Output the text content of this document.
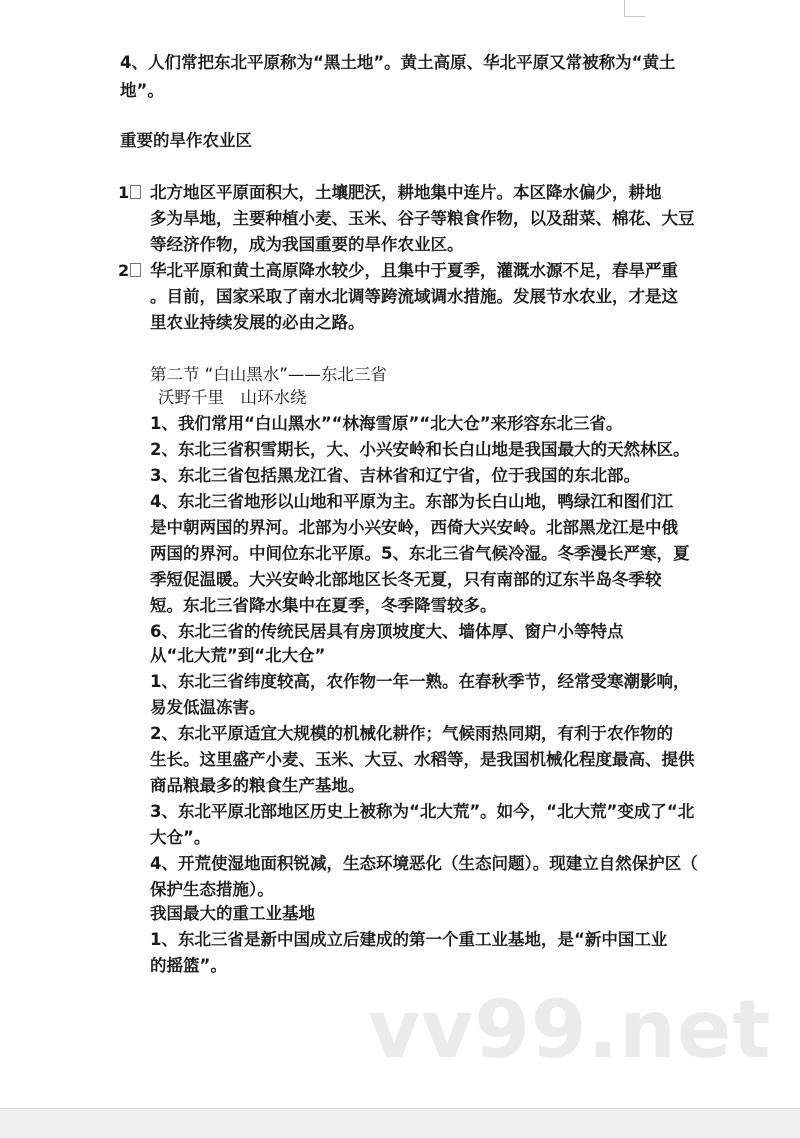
4、人们常把东北平原称为“黑土地”。黄土高原、华北平原又常被称为“黄土
地”。
重要的旱作农业区
1	北方地区平原面积大，土壤肥沃，耕地集中连片。本区降水偏少，耕地
多为旱地，主要种植小麦、玉米、谷子等粮食作物，以及甜菜、棉花、大豆
等经济作物，成为我国重要的旱作农业区。
2	华北平原和黄土高原降水较少，且集中于夏季，灌溉水源不足，春旱严重
。目前，国家采取了南水北调等跨流域调水措施。发展节水农业，才是这
里农业持续发展的必由之路。
第二节 “白山黑水”——东北三省
沃野千里　山环水绕
1、我们常用“白山黑水”“林海雪原”“北大仓”来形容东北三省。
2、东北三省积雪期长，大、小兴安岭和长白山地是我国最大的天然林区。
3、东北三省包括黑龙江省、吉林省和辽宁省，位于我国的东北部。
4、东北三省地形以山地和平原为主。东部为长白山地，鸭绿江和图们江
是中朝两国的界河。北部为小兴安岭，西倚大兴安岭。北部黑龙江是中俄
两国的界河。中间位东北平原。5、东北三省气候冷湿。冬季漫长严寒，夏
季短促温暖。大兴安岭北部地区长冬无夏，只有南部的辽东半岛冬季较
短。东北三省降水集中在夏季，冬季降雪较多。
6、东北三省的传统民居具有房顶坡度大、墙体厚、窗户小等特点
从“北大荒”到“北大仓”
1、东北三省纬度较高，农作物一年一熟。在春秋季节，经常受寒潮影响，
易发低温冻害。
2、东北平原适宜大规模的机械化耕作；气候雨热同期，有利于农作物的
生长。这里盛产小麦、玉米、大豆、水稻等，是我国机械化程度最高、提供
商品粮最多的粮食生产基地。
3、东北平原北部地区历史上被称为“北大荒”。如今，“北大荒”变成了“北
大仓”。
4、开荒使湿地面积锐减，生态环境恶化（生态问题）。现建立自然保护区（
保护生态措施）。
我国最大的重工业基地
1、东北三省是新中国成立后建成的第一个重工业基地，是“新中国工业
的摇篮”。
vv99.net
